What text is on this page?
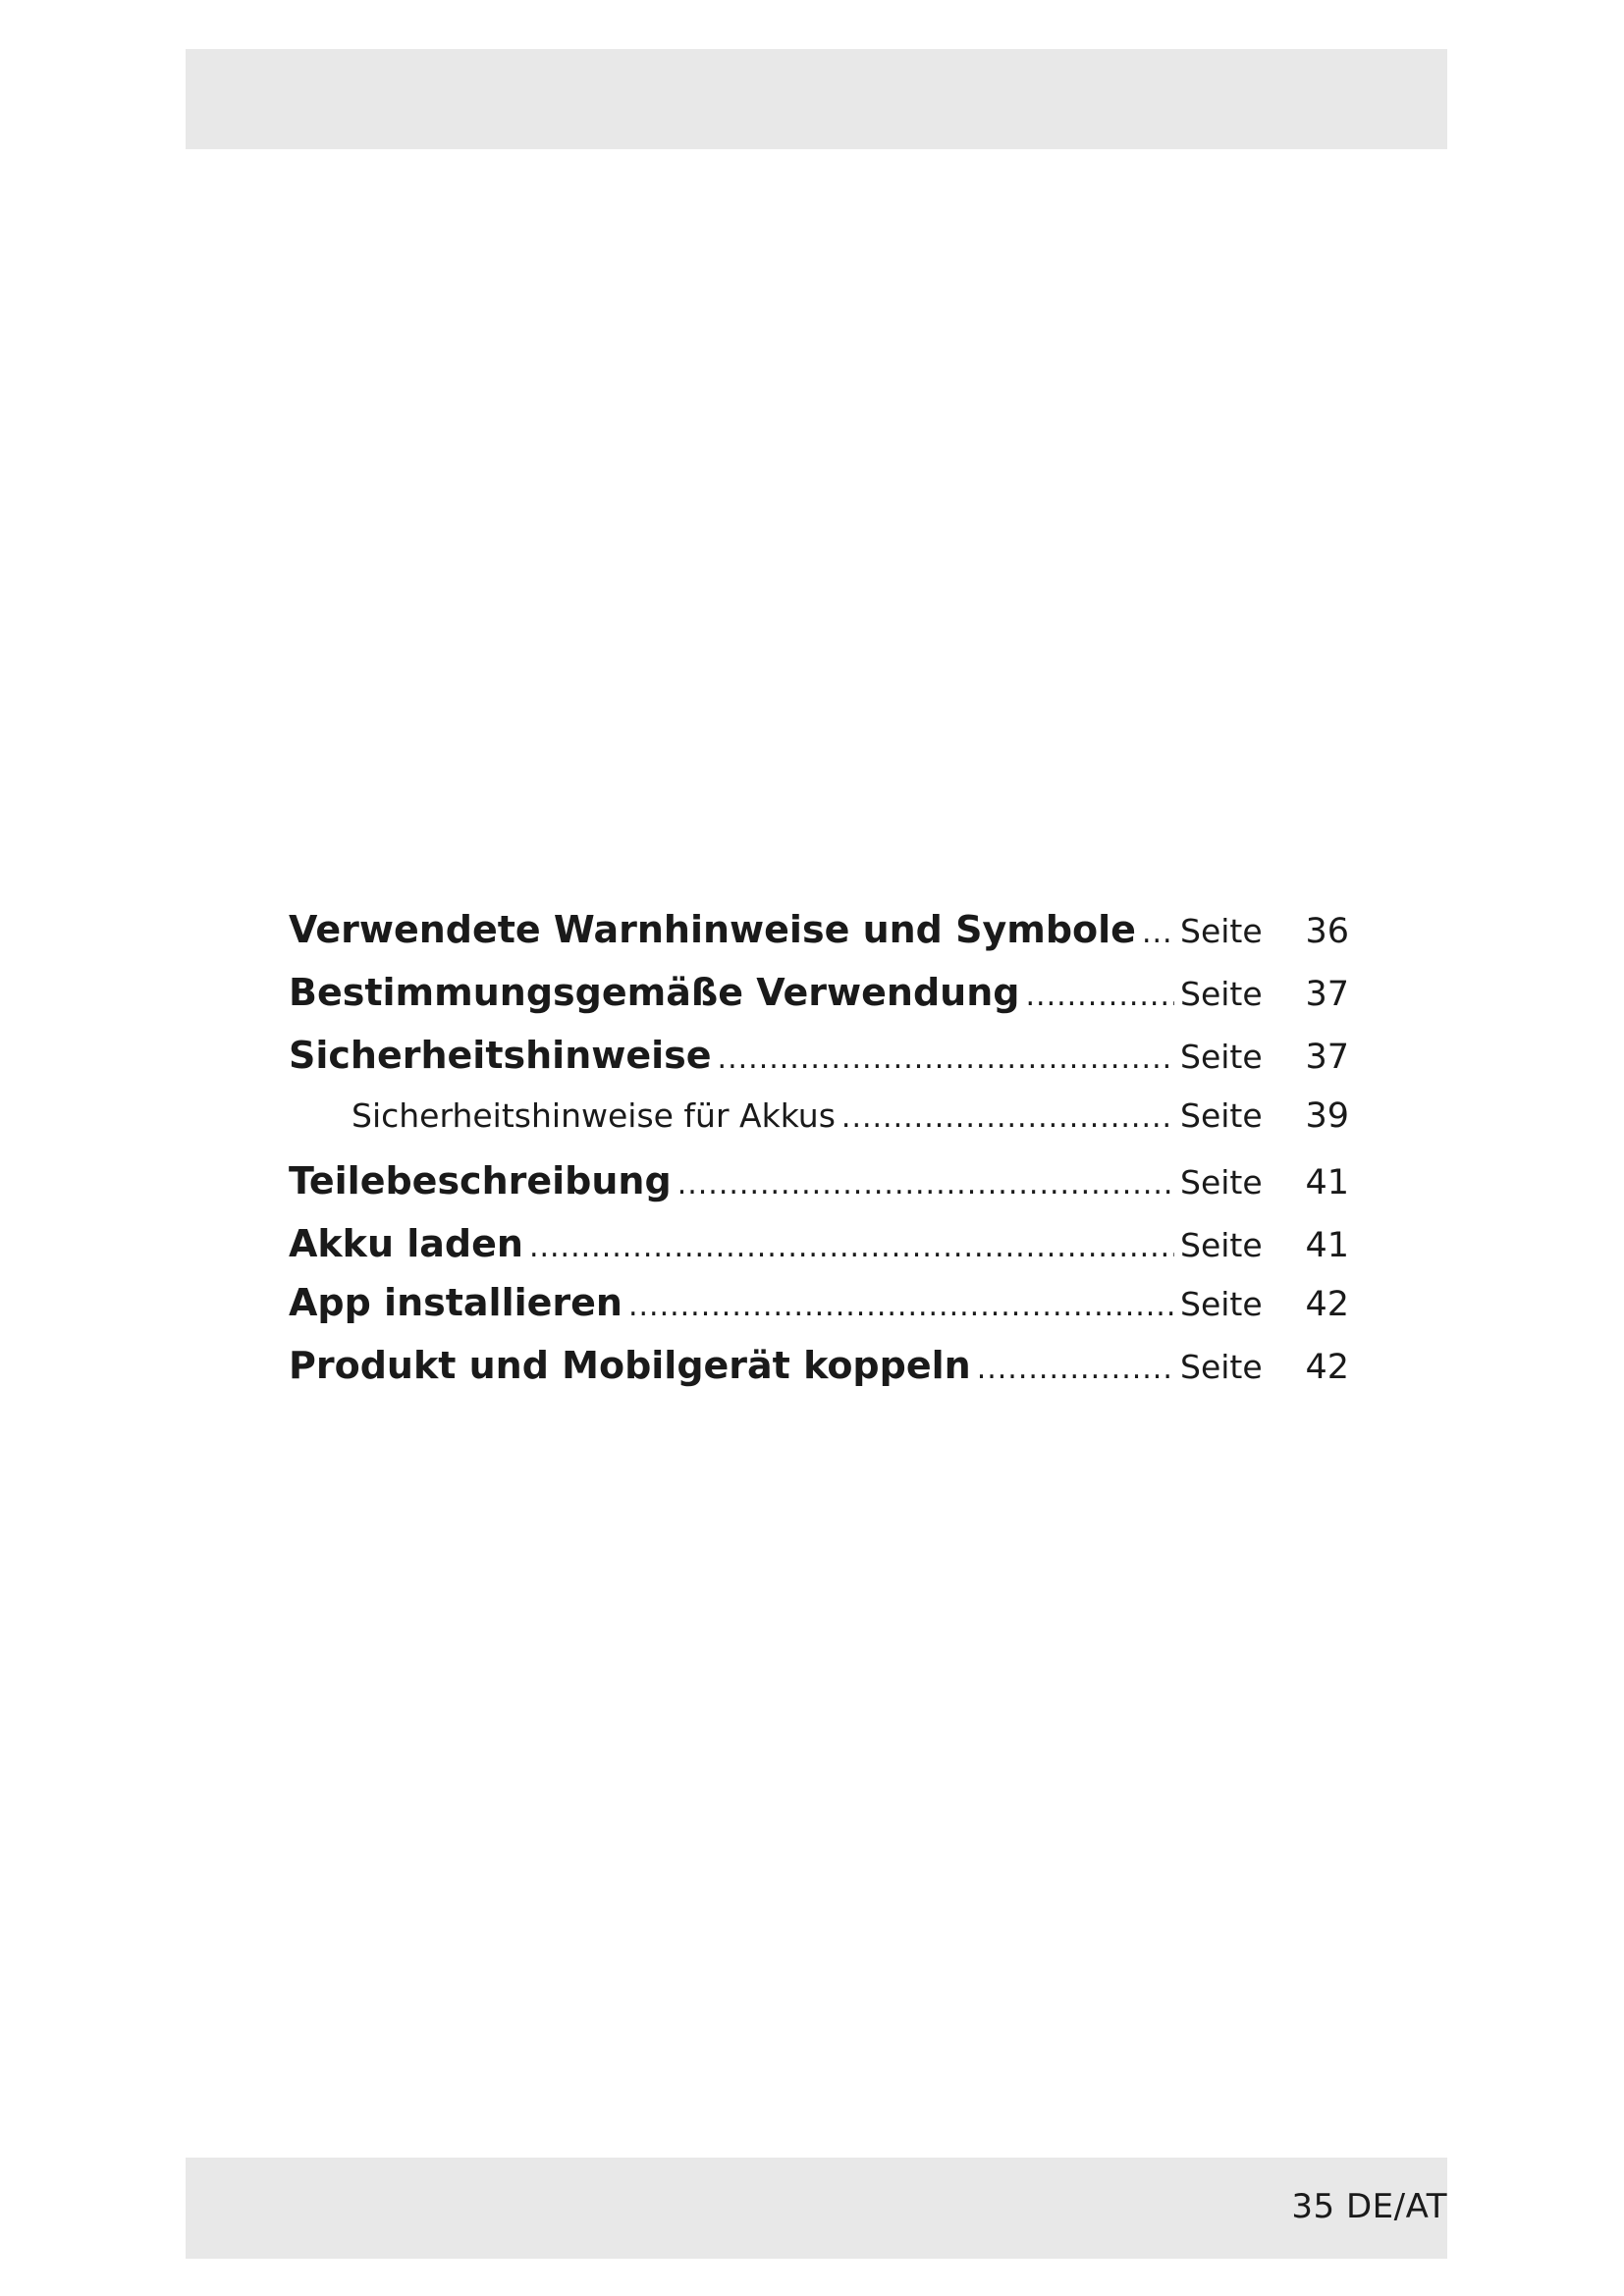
Verwendete Warnhinweise und Symbole ..... Seite	36
Bestimmungsgemäße Verwendung .....	Seite	37
Sicherheitshinweise .....	Seite	37
Sicherheitshinweise für Akkus .....	Seite	39
Teilebeschreibung .....	Seite	41
Akku laden .....	Seite	41
App installieren .....	Seite	42
Produkt und Mobilgerät koppeln .....	Seite	42
35 DE/AT
